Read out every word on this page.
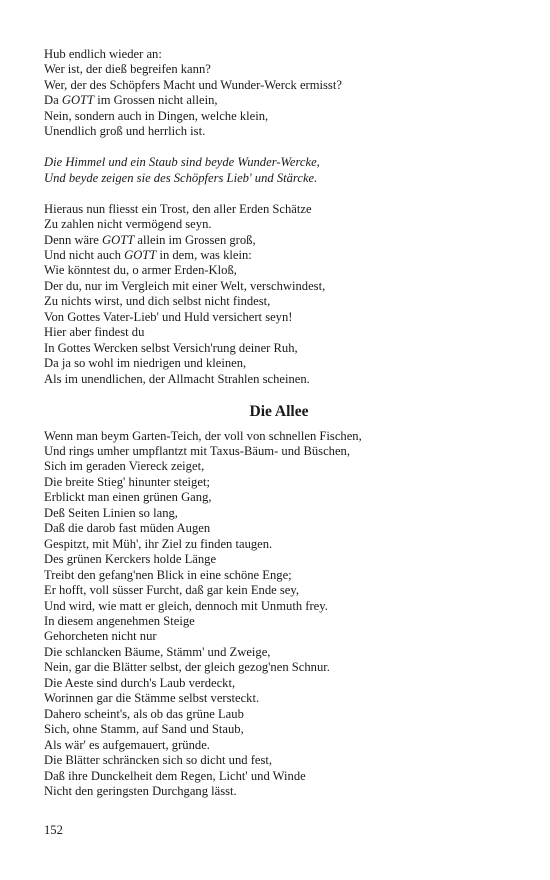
Hub endlich wieder an:
Wer ist, der dieß begreifen kann?
Wer, der des Schöpfers Macht und Wunder-Werck ermisst?
Da GOTT im Grossen nicht allein,
Nein, sondern auch in Dingen, welche klein,
Unendlich groß und herrlich ist.
Die Himmel und ein Staub sind beyde Wunder-Wercke,
Und beyde zeigen sie des Schöpfers Lieb' und Stärcke.
Hieraus nun fliesst ein Trost, den aller Erden Schätze
Zu zahlen nicht vermögend seyn.
Denn wäre GOTT allein im Grossen groß,
Und nicht auch GOTT in dem, was klein:
Wie könntest du, o armer Erden-Kloß,
Der du, nur im Vergleich mit einer Welt, verschwindest,
Zu nichts wirst, und dich selbst nicht findest,
Von Gottes Vater-Lieb' und Huld versichert seyn!
Hier aber findest du
In Gottes Wercken selbst Versich'rung deiner Ruh,
Da ja so wohl im niedrigen und kleinen,
Als im unendlichen, der Allmacht Strahlen scheinen.
Die Allee
Wenn man beym Garten-Teich, der voll von schnellen Fischen,
Und rings umher umpflantzt mit Taxus-Bäum- und Büschen,
Sich im geraden Viereck zeiget,
Die breite Stieg' hinunter steiget;
Erblickt man einen grünen Gang,
Deß Seiten Linien so lang,
Daß die darob fast müden Augen
Gespitzt, mit Müh', ihr Ziel zu finden taugen.
Des grünen Kerckers holde Länge
Treibt den gefang'nen Blick in eine schöne Enge;
Er hofft, voll süsser Furcht, daß gar kein Ende sey,
Und wird, wie matt er gleich, dennoch mit Unmuth frey.
In diesem angenehmen Steige
Gehorcheten nicht nur
Die schlancken Bäume, Stämm' und Zweige,
Nein, gar die Blätter selbst, der gleich gezog'nen Schnur.
Die Aeste sind durch's Laub verdeckt,
Worinnen gar die Stämme selbst versteckt.
Dahero scheint's, als ob das grüne Laub
Sich, ohne Stamm, auf Sand und Staub,
Als wär' es aufgemauert, gründe.
Die Blätter schräncken sich so dicht und fest,
Daß ihre Dunckelheit dem Regen, Licht' und Winde
Nicht den geringsten Durchgang lässt.
152
